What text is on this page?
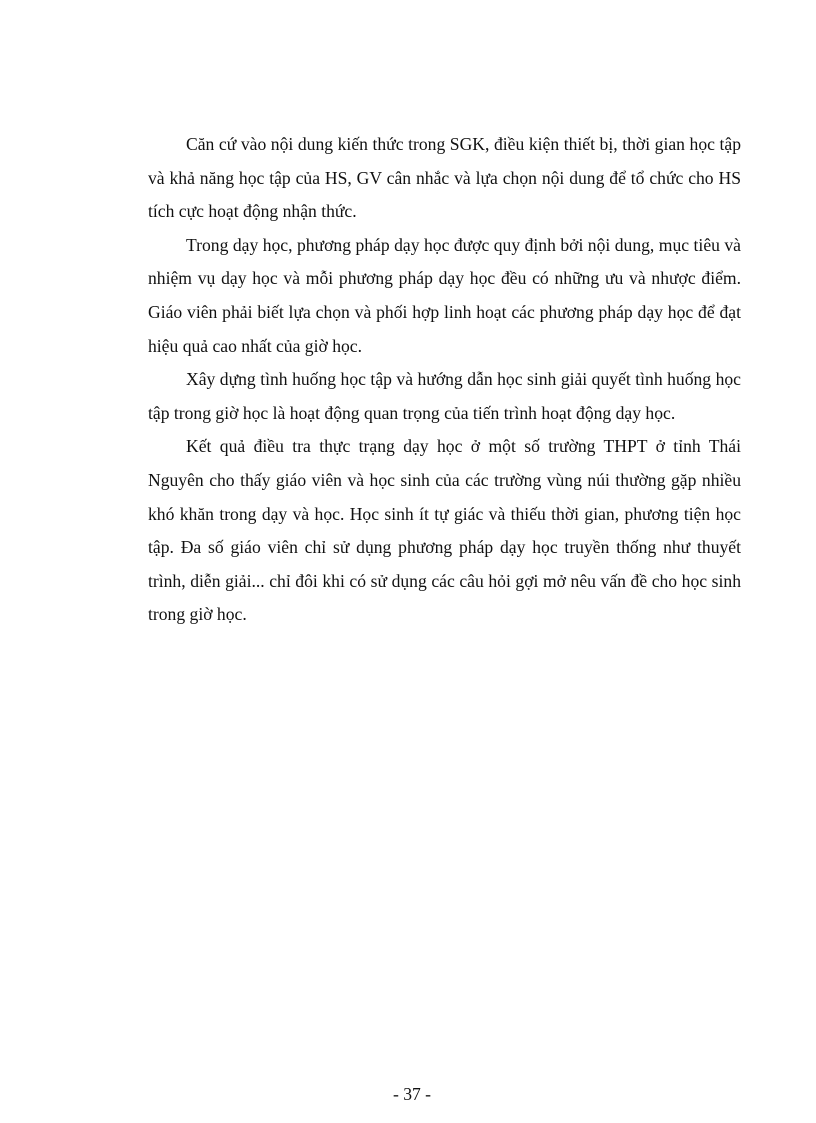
Căn cứ vào nội dung kiến thức trong SGK, điều kiện thiết bị, thời gian học tập và khả năng học tập của HS, GV cân nhắc và lựa chọn nội dung để tổ chức cho HS tích cực hoạt động nhận thức.

Trong dạy học, phương pháp dạy học được quy định bởi nội dung, mục tiêu và nhiệm vụ dạy học và mỗi phương pháp dạy học đều có những ưu và nhược điểm. Giáo viên phải biết lựa chọn và phối hợp linh hoạt các phương pháp dạy học để đạt hiệu quả cao nhất của giờ học.

Xây dựng tình huống học tập và hướng dẫn học sinh giải quyết tình huống học tập trong giờ học là hoạt động quan trọng của tiến trình hoạt động dạy học.

Kết quả điều tra thực trạng dạy học ở một số trường THPT ở tỉnh Thái Nguyên cho thấy giáo viên và học sinh của các trường vùng núi thường gặp nhiều khó khăn trong dạy và học. Học sinh ít tự giác và thiếu thời gian, phương tiện học tập. Đa số giáo viên chỉ sử dụng phương pháp dạy học truyền thống như thuyết trình, diễn giải... chỉ đôi khi có sử dụng các câu hỏi gợi mở nêu vấn đề cho học sinh trong giờ học.

- 37 -
